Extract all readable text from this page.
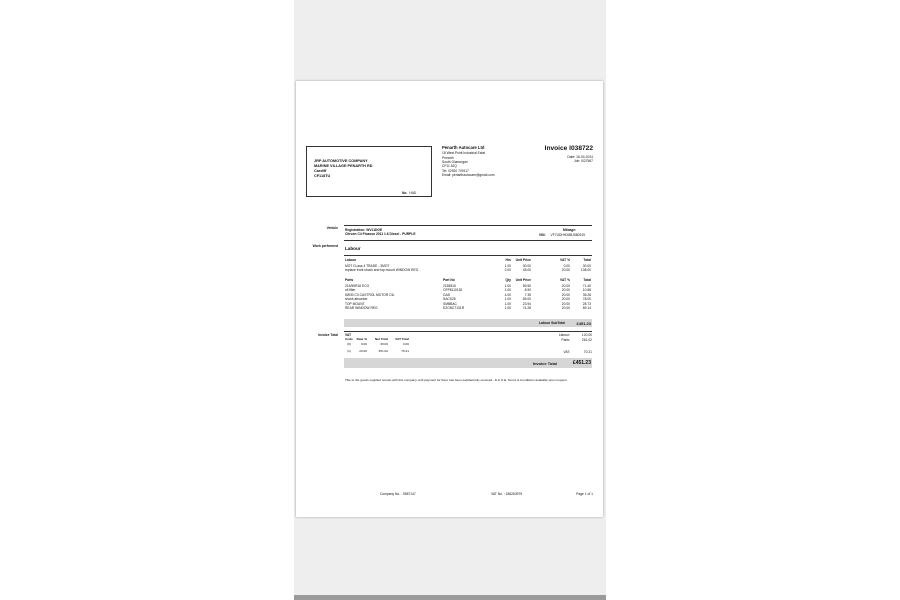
JRP AUTOMOTIVE COMPANY
MARINE VILLAGE PENARTH RD
Cardiff
CF118TU
No. HAD
Penarth Autocare Ltd
18 West Point Industrial Estat
Penarth
South Glamorgan
CF11 8JQ
Tel: 02920 709117
Email: penarthautocare@gmail.com
Invoice I038722
Date: 16-04-2024
Job: I027567
Vehicle Registration: WV11DGE
Citroen C4 Picasso 2011 1.6 Diesel - PURPLE
Mileage:
VIN: VF7UDHHX8BJ580319
Work performed Labour
Labour	Hrs	Unit Price	VAT %	Total
MOT CLass 4 TRADE - 3MOT	1.00	30.00	0.00	30.00
replace front shock and top mount WINDOW REG	2.00	45.00	20.00	108.00
Parts	Part No	Qty	Unit Price	VAT %	Total
215/55R16 ECO	2155516	1.00	59.50	20.00	71.40
oil filter	OFP8110152	1.00	8.90	20.00	10.68
5W30 C3 CASTROL MOTOR OIL	GAS	4.00	7.35	20.00	35.28
shock absorber	SACS25	1.00	65.00	20.00	78.00
TOP MOUNT	SMBBAC	1.00	23.94	20.00	28.73
REAR WINDOW REG	EZCBCT131R	1.00	74.28	20.00	89.14
Labour SubTotal	£451.23
Invoice Total VAT
Code	Rate %	Net Total	VAT Total
(0)	0.00	30.00	0.00
(1)	20.00	351.02	70.21
Labour:	120.00
Parts:	261.02
VAT:	70.21
Invoice Total	£451.23
Title to the goods supplied remain with this company until payment for them has been satisfactorily received - E & O E. Terms & Conditions available upon request
Company No. : 9587147	VAT No. : 186263975	Page 1 of 1
